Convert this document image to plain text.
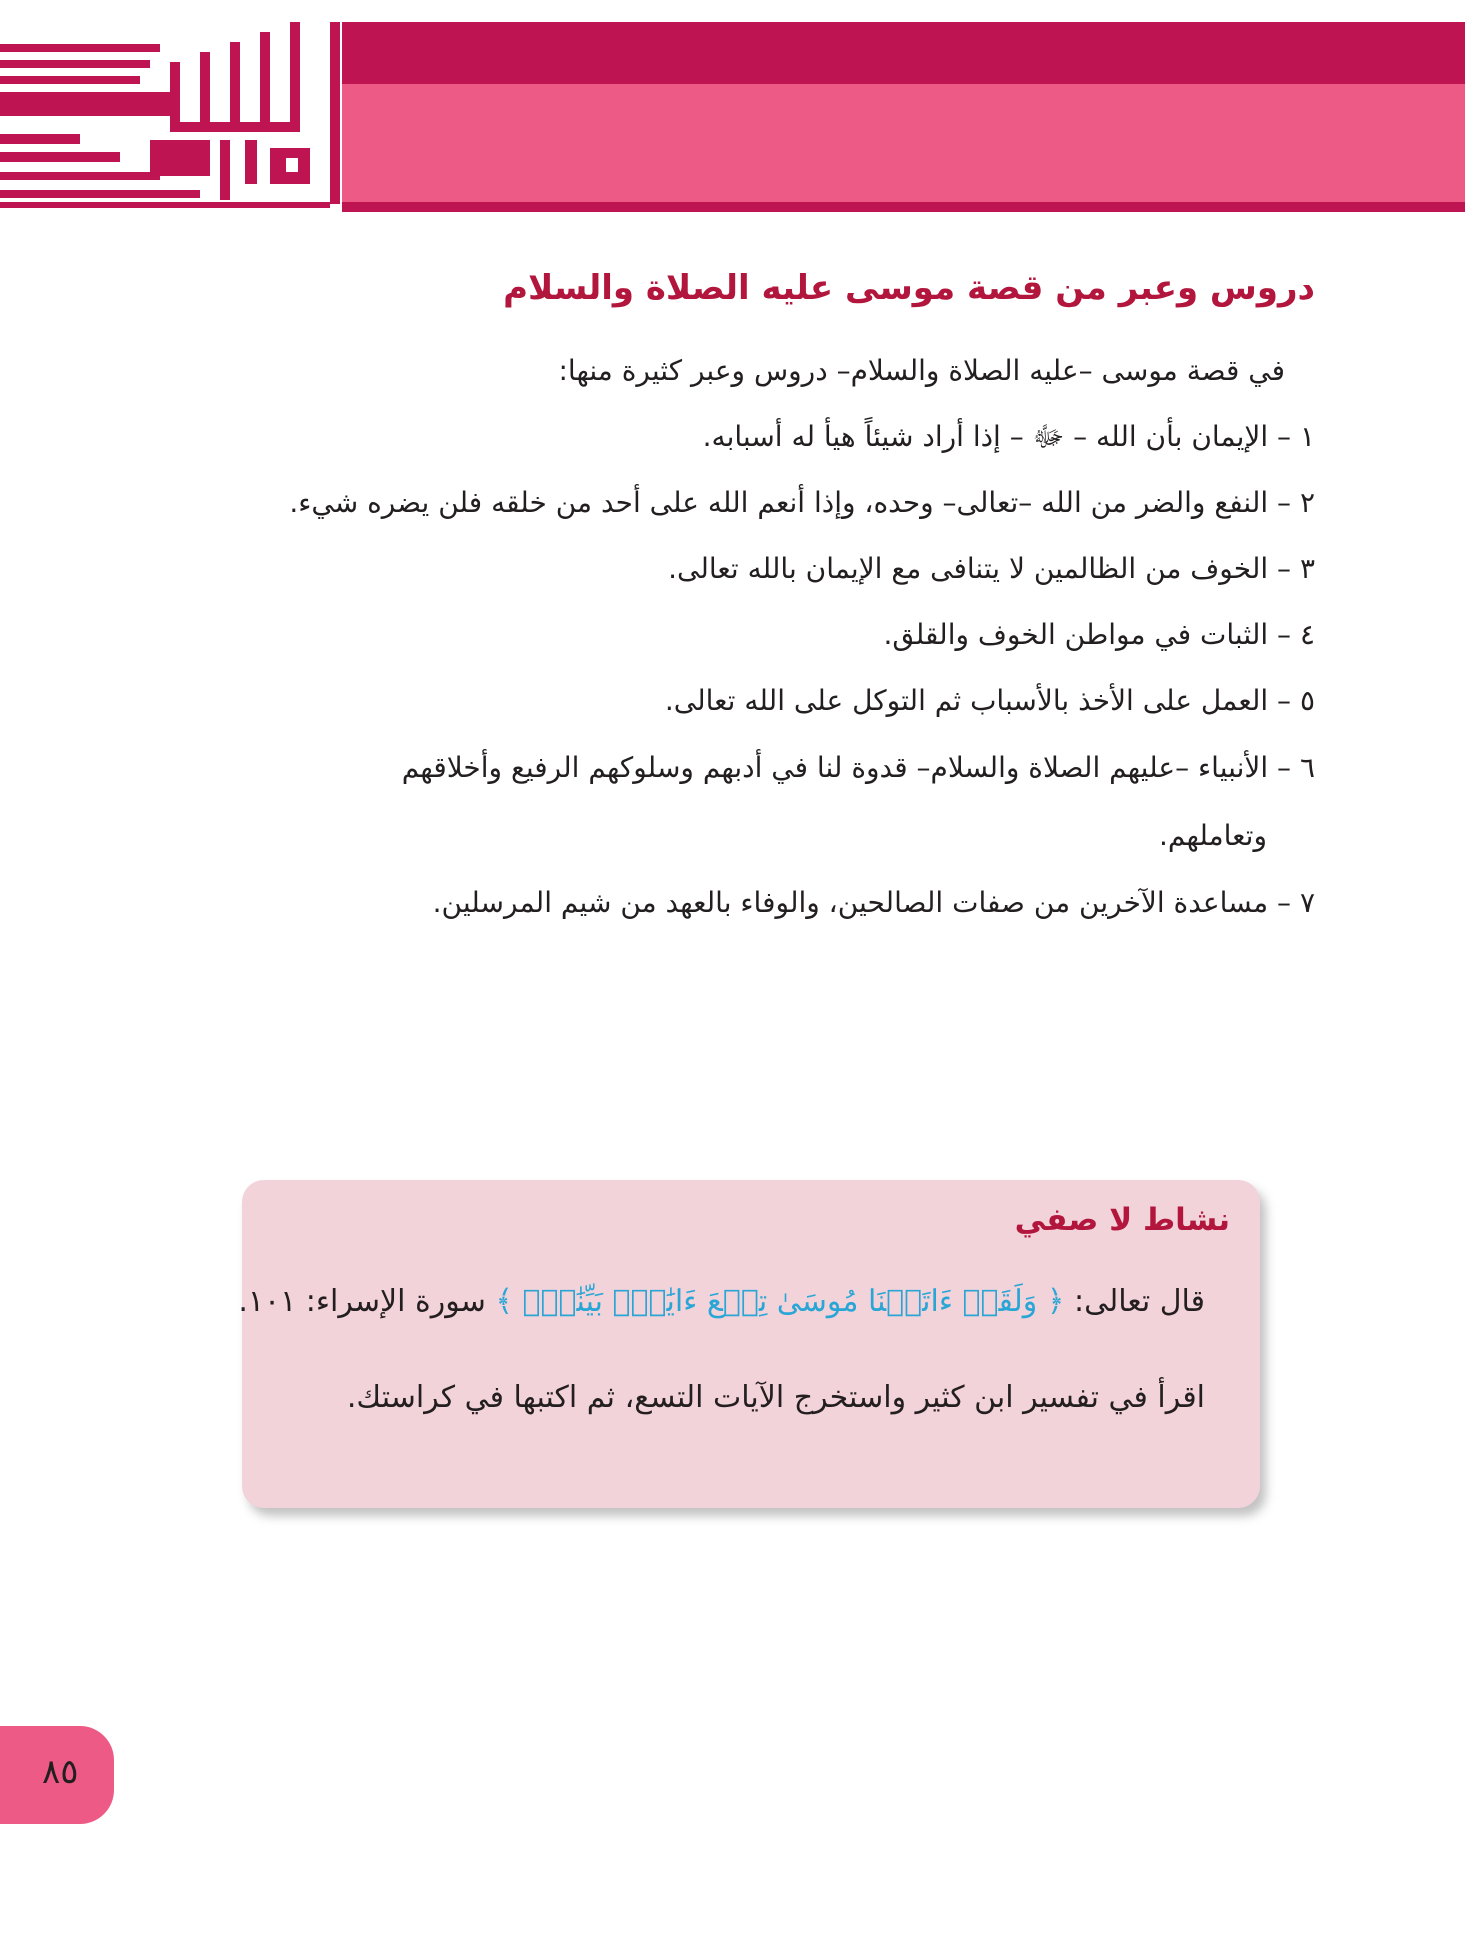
دروس وعبر من قصة موسى عليه الصلاة والسلام

في قصة موسى –عليه الصلاة والسلام– دروس وعبر كثيرة منها:

١ – الإيمان بأن الله – ﷻ – إذا أراد شيئاً هيأ له أسبابه.

٢ – النفع والضر من الله –تعالى– وحده، وإذا أنعم الله على أحد من خلقه فلن يضره شيء.

٣ – الخوف من الظالمين لا يتنافى مع الإيمان بالله تعالى.

٤ – الثبات في مواطن الخوف والقلق.

٥ – العمل على الأخذ بالأسباب ثم التوكل على الله تعالى.

٦ – الأنبياء –عليهم الصلاة والسلام– قدوة لنا في أدبهم وسلوكهم الرفيع وأخلاقهم
وتعاملهم.

٧ – مساعدة الآخرين من صفات الصالحين، والوفاء بالعهد من شيم المرسلين.

نشاط لا صفي
قال تعالى: ﴿ وَلَقَدۡ ءَاتَيۡنَا مُوسَىٰ تِسۡعَ ءَايَٰتِۭ بَيِّنَٰتٖۖ ﴾ سورة الإسراء: ١٠١.
اقرأ في تفسير ابن كثير واستخرج الآيات التسع، ثم اكتبها في كراستك.
٨٥
